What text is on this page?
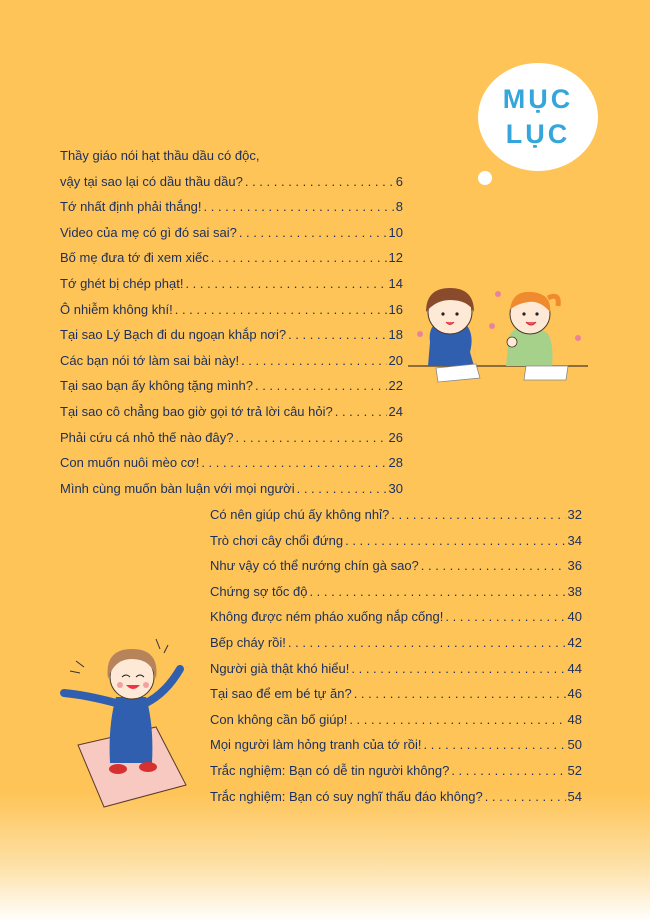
MỤC
LỤC
Thầy giáo nói hạt thầu dầu có độc,
vậy tại sao lại có dầu thầu dầu? . . .	6
Tớ nhất định phải thắng! . . .	8
Video của mẹ có gì đó sai sai? . . .	10
Bố mẹ đưa tớ đi xem xiếc . . .	12
Tớ ghét bị chép phạt! . . .	14
Ô nhiễm không khí! . . .	16
Tại sao Lý Bạch đi du ngoạn khắp nơi? . . .	18
Các bạn nói tớ làm sai bài này! . . .	20
Tại sao bạn ấy không tặng mình? . . .	22
Tại sao cô chẳng bao giờ gọi tớ trả lời câu hỏi? . . .	24
Phải cứu cá nhỏ thế nào đây? . . .	26
Con muốn nuôi mèo cơ! . . .	28
Mình cùng muốn bàn luận với mọi người . . .	30
Có nên giúp chú ấy không nhỉ? . . .	32
Trò chơi cây chổi đứng . . .	34
Như vậy có thể nướng chín gà sao? . . .	36
Chứng sợ tốc độ . . .	38
Không được ném pháo xuống nắp cống! . . .	40
Bếp cháy rồi! . . .	42
Người già thật khó hiểu! . . .	44
Tại sao để em bé tự ăn? . . .	46
Con không cần bố giúp! . . .	48
Mọi người làm hỏng tranh của tớ rồi! . . .	50
Trắc nghiệm: Bạn có dễ tin người không? . . .	52
Trắc nghiệm: Bạn có suy nghĩ thấu đáo không? . . .	54
